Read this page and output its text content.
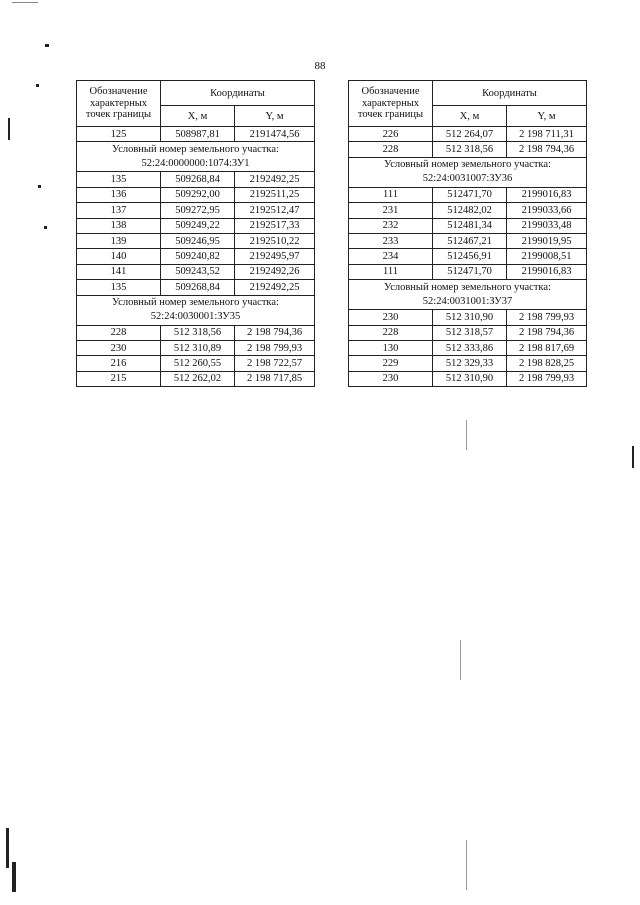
88
Обозначение характерных точек границы	Координаты	
	X, м	Y, м
125	508987,81	2191474,56
Условный номер земельного участка: 52:24:0000000:1074:ЗУ1		
135	509268,84	2192492,25
136	509292,00	2192511,25
137	509272,95	2192512,47
138	509249,22	2192517,33
139	509246,95	2192510,22
140	509240,82	2192495,97
141	509243,52	2192492,26
135	509268,84	2192492,25
Условный номер земельного участка: 52:24:0030001:ЗУ35		
228	512 318,56	2 198 794,36
230	512 310,89	2 198 799,93
216	512 260,55	2 198 722,57
215	512 262,02	2 198 717,85
Обозначение характерных точек границы	Координаты	
	X, м	Y, м
226	512 264,07	2 198 711,31
228	512 318,56	2 198 794,36
Условный номер земельного участка: 52:24:0031007:ЗУ36		
111	512471,70	2199016,83
231	512482,02	2199033,66
232	512481,34	2199033,48
233	512467,21	2199019,95
234	512456,91	2199008,51
111	512471,70	2199016,83
Условный номер земельного участка: 52:24:0031001:ЗУ37		
230	512 310,90	2 198 799,93
228	512 318,57	2 198 794,36
130	512 333,86	2 198 817,69
229	512 329,33	2 198 828,25
230	512 310,90	2 198 799,93
